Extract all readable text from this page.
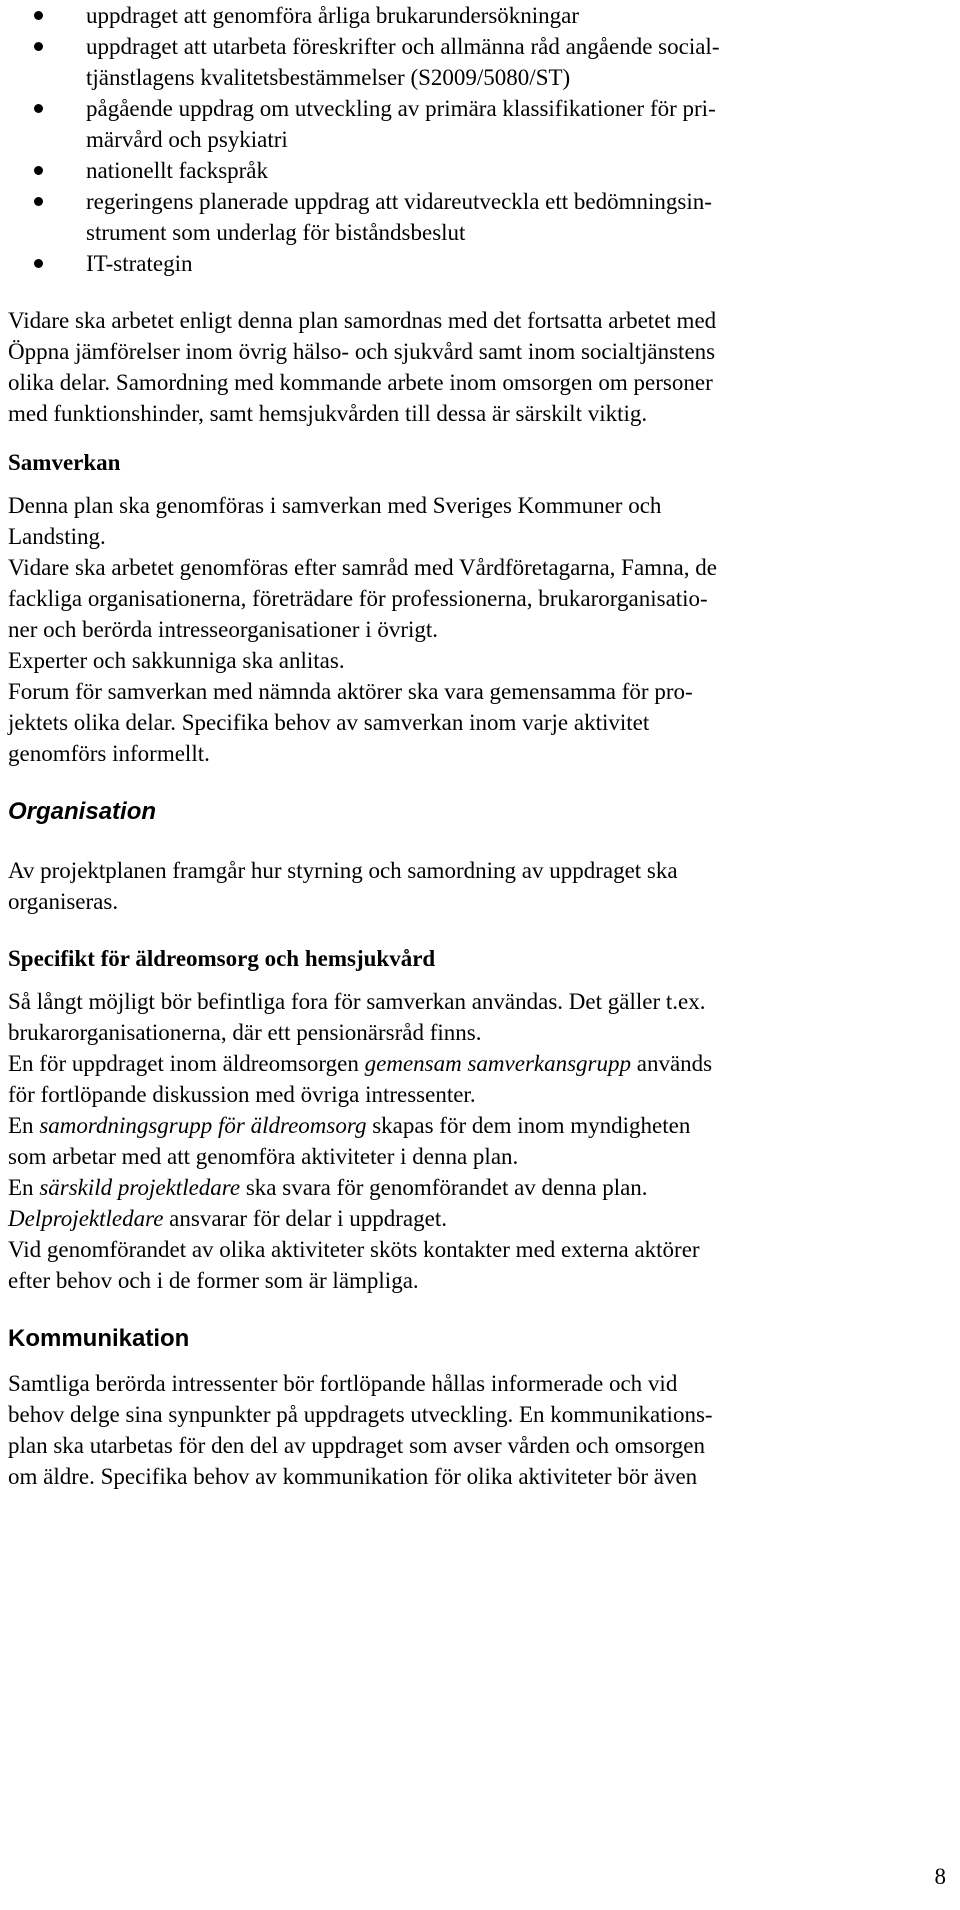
uppdraget att genomföra årliga brukarundersökningar
uppdraget att utarbeta föreskrifter och allmänna råd angående social-
tjänstlagens kvalitetsbestämmelser (S2009/5080/ST)
pågående uppdrag om utveckling av primära klassifikationer för pri-
märvård och psykiatri
nationellt fackspråk
regeringens planerade uppdrag att vidareutveckla ett bedömningsin-
strument som underlag för biståndsbeslut
IT-strategin
Vidare ska arbetet enligt denna plan samordnas med det fortsatta arbetet med
Öppna jämförelser inom övrig hälso- och sjukvård samt inom socialtjänstens
olika delar. Samordning med kommande arbete inom omsorgen om personer
med funktionshinder, samt hemsjukvården till dessa är särskilt viktig.
Samverkan
Denna plan ska genomföras i samverkan med Sveriges Kommuner och
Landsting.
Vidare ska arbetet genomföras efter samråd med Vårdföretagarna, Famna, de
fackliga organisationerna, företrädare för professionerna, brukarorganisatio-
ner och berörda intresseorganisationer i övrigt.
Experter och sakkunniga ska anlitas.
Forum för samverkan med nämnda aktörer ska vara gemensamma för pro-
jektets olika delar. Specifika behov av samverkan inom varje aktivitet
genomförs informellt.
Organisation
Av projektplanen framgår hur styrning och samordning av uppdraget ska
organiseras.
Specifikt för äldreomsorg och hemsjukvård
Så långt möjligt bör befintliga fora för samverkan användas. Det gäller t.ex.
brukarorganisationerna, där ett pensionärsråd finns.
En för uppdraget inom äldreomsorgen gemensam samverkansgrupp används
för fortlöpande diskussion med övriga intressenter.
En samordningsgrupp för äldreomsorg skapas för dem inom myndigheten
som arbetar med att genomföra aktiviteter i denna plan.
En särskild projektledare ska svara för genomförandet av denna plan.
Delprojektledare ansvarar för delar i uppdraget.
Vid genomförandet av olika aktiviteter sköts kontakter med externa aktörer
efter behov och i de former som är lämpliga.
Kommunikation
Samtliga berörda intressenter bör fortlöpande hållas informerade och vid
behov delge sina synpunkter på uppdragets utveckling. En kommunikations-
plan ska utarbetas för den del av uppdraget som avser vården och omsorgen
om äldre. Specifika behov av kommunikation för olika aktiviteter bör även
8
